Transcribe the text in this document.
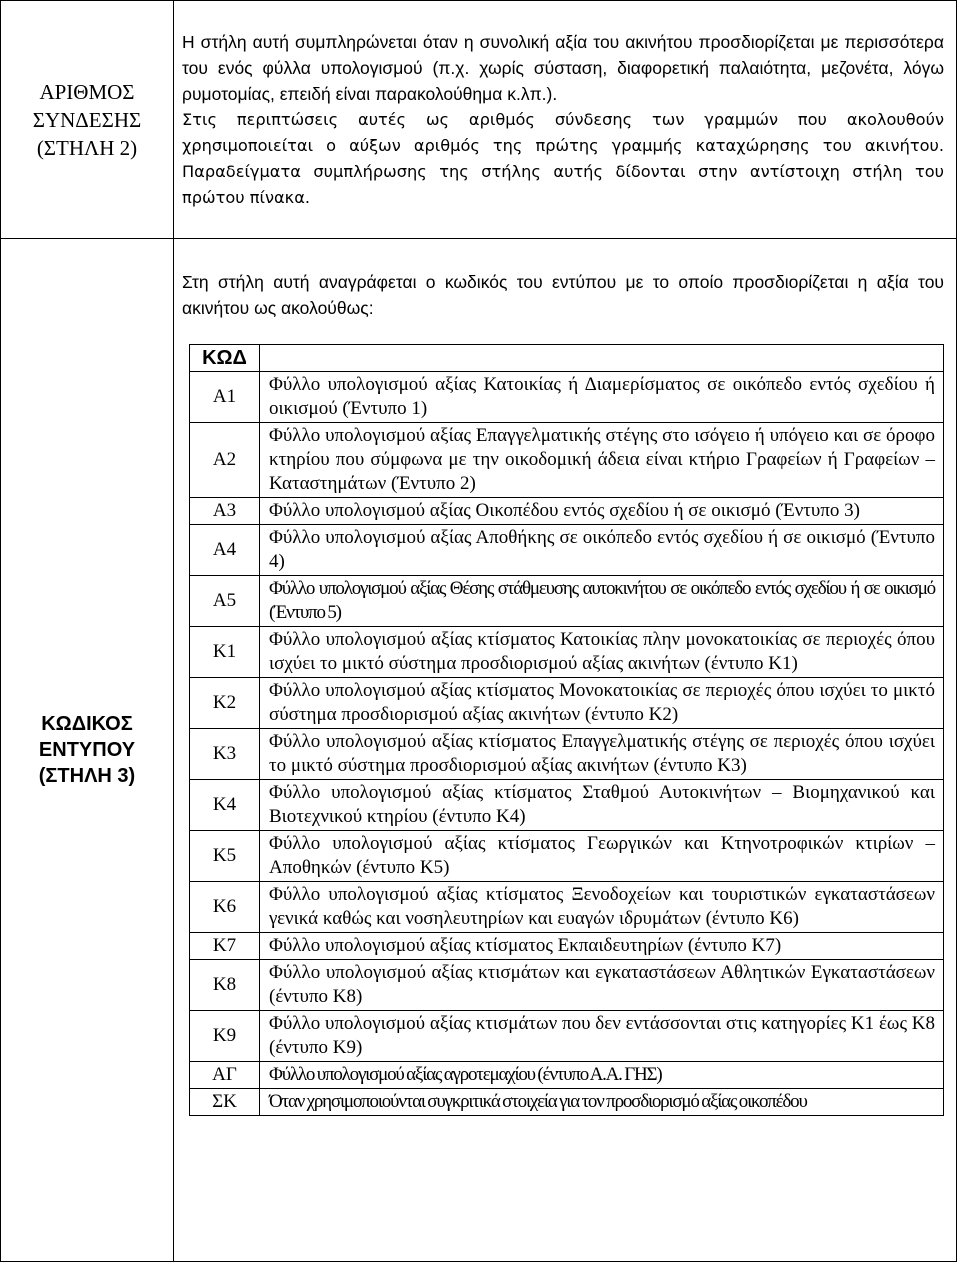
ΑΡΙΘΜΟΣ
ΣΥΝΔΕΣΗΣ
(ΣΤΗΛΗ 2)

Η στήλη αυτή συμπληρώνεται όταν η συνολική αξία του ακινήτου προσδιορίζεται με περισσότερα του ενός φύλλα υπολογισμού (π.χ. χωρίς σύσταση, διαφορετική παλαιότητα, μεζονέτα, λόγω ρυμοτομίας, επειδή είναι παρακολούθημα κ.λπ.).

Στις περιπτώσεις αυτές ως αριθμός σύνδεσης των γραμμών που ακολουθούν χρησιμοποιείται ο αύξων αριθμός της πρώτης γραμμής καταχώρησης του ακινήτου. Παραδείγματα συμπλήρωσης της στήλης αυτής δίδονται στην αντίστοιχη στήλη του πρώτου πίνακα.

ΚΩΔΙΚΟΣ
ΕΝΤΥΠΟΥ
(ΣΤΗΛΗ 3)
Στη στήλη αυτή αναγράφεται ο κωδικός του εντύπου με το οποίο προσδιορίζεται η αξία του ακινήτου ως ακολούθως:
ΚΩΔ	
Α1	Φύλλο υπολογισμού αξίας Κατοικίας ή Διαμερίσματος σε οικόπεδο εντός σχεδίου ή οικισμού (Έντυπο 1)
Α2	Φύλλο υπολογισμού αξίας Επαγγελματικής στέγης στο ισόγειο ή υπόγειο και σε όροφο κτηρίου που σύμφωνα με την οικοδομική άδεια είναι κτήριο Γραφείων ή Γραφείων – Καταστημάτων (Έντυπο 2)
Α3	Φύλλο υπολογισμού αξίας Οικοπέδου εντός σχεδίου ή σε οικισμό (Έντυπο 3)
Α4	Φύλλο υπολογισμού αξίας Αποθήκης σε οικόπεδο εντός σχεδίου ή σε οικισμό (Έντυπο 4)
Α5	Φύλλο υπολογισμού αξίας Θέσης στάθμευσης αυτοκινήτου σε οικόπεδο εντός σχεδίου ή σε οικισμό (Έντυπο 5)
Κ1	Φύλλο υπολογισμού αξίας κτίσματος Κατοικίας πλην μονοκατοικίας σε περιοχές όπου ισχύει το μικτό σύστημα προσδιορισμού αξίας ακινήτων (έντυπο Κ1)
Κ2	Φύλλο υπολογισμού αξίας κτίσματος Μονοκατοικίας σε περιοχές όπου ισχύει το μικτό σύστημα προσδιορισμού αξίας ακινήτων (έντυπο Κ2)
Κ3	Φύλλο υπολογισμού αξίας κτίσματος Επαγγελματικής στέγης σε περιοχές όπου ισχύει το μικτό σύστημα προσδιορισμού αξίας ακινήτων (έντυπο Κ3)
Κ4	Φύλλο υπολογισμού αξίας κτίσματος Σταθμού Αυτοκινήτων – Βιομηχανικού και Βιοτεχνικού κτηρίου (έντυπο Κ4)
Κ5	Φύλλο υπολογισμού αξίας κτίσματος Γεωργικών και Κτηνοτροφικών κτιρίων – Αποθηκών (έντυπο Κ5)
Κ6	Φύλλο υπολογισμού αξίας κτίσματος Ξενοδοχείων και τουριστικών εγκαταστάσεων γενικά καθώς και νοσηλευτηρίων και ευαγών ιδρυμάτων (έντυπο Κ6)
Κ7	Φύλλο υπολογισμού αξίας κτίσματος Εκπαιδευτηρίων (έντυπο Κ7)
Κ8	Φύλλο υπολογισμού αξίας κτισμάτων και εγκαταστάσεων Αθλητικών Εγκαταστάσεων (έντυπο Κ8)
Κ9	Φύλλο υπολογισμού αξίας κτισμάτων που δεν εντάσσονται στις κατηγορίες Κ1 έως Κ8 (έντυπο Κ9)
ΑΓ	Φύλλο υπολογισμού αξίας αγροτεμαχίου (έντυπο Α.Α. ΓΗΣ)
ΣΚ	Όταν χρησιμοποιούνται συγκριτικά στοιχεία για τον προσδιορισμό αξίας οικοπέδου
